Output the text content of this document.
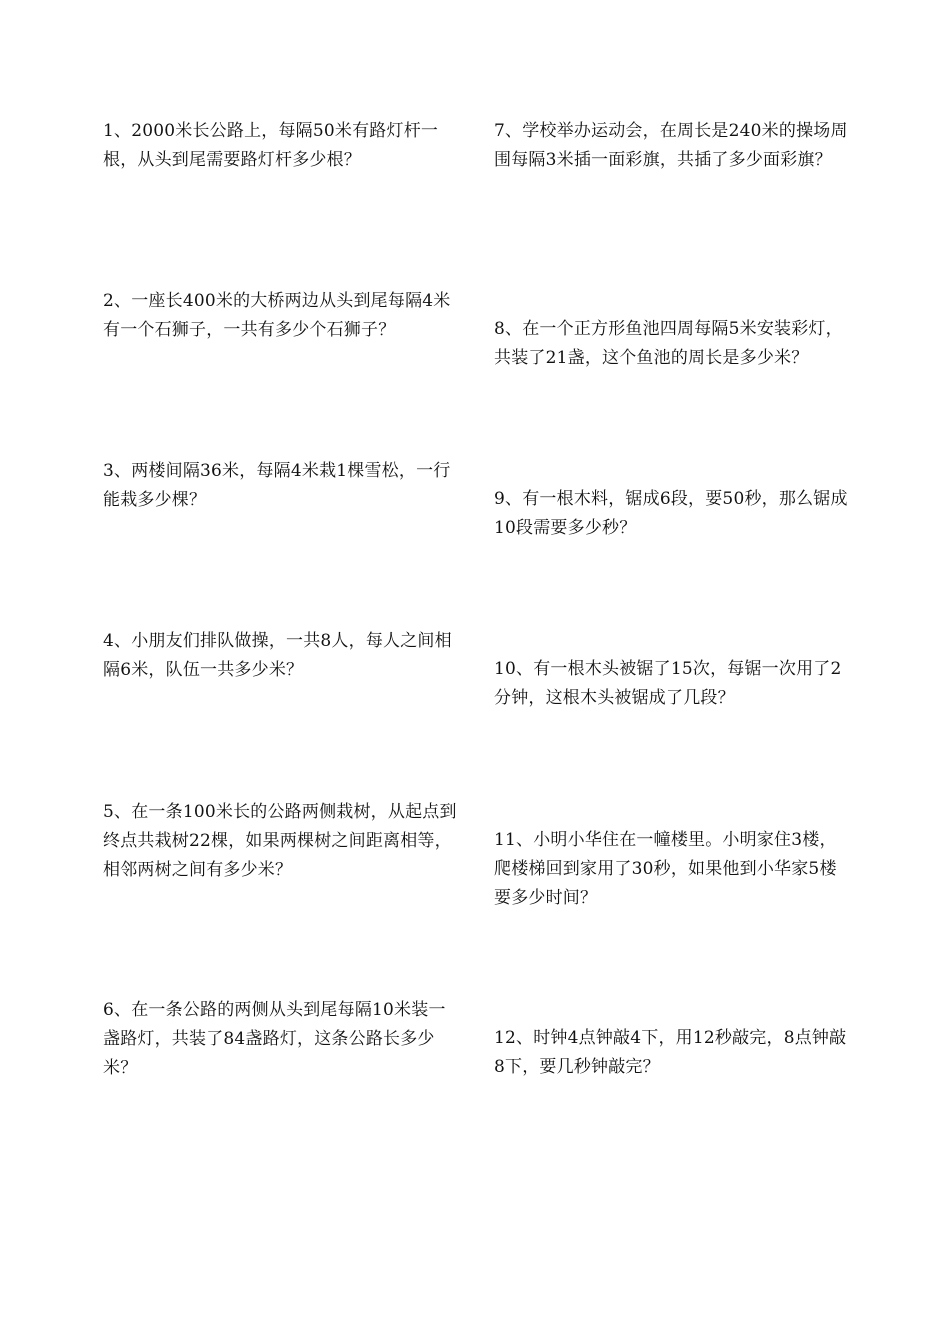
1、2000米长公路上，每隔50米有路灯杆一根，从头到尾需要路灯杆多少根？

2、一座长400米的大桥两边从头到尾每隔4米有一个石狮子，一共有多少个石狮子？

3、两楼间隔36米，每隔4米栽1棵雪松，一行能栽多少棵？

4、小朋友们排队做操，一共8人，每人之间相隔6米，队伍一共多少米？

5、在一条100米长的公路两侧栽树，从起点到终点共栽树22棵，如果两棵树之间距离相等，相邻两树之间有多少米？

6、在一条公路的两侧从头到尾每隔10米装一盏路灯，共装了84盏路灯，这条公路长多少米？

7、学校举办运动会，在周长是240米的操场周围每隔3米插一面彩旗，共插了多少面彩旗？

8、在一个正方形鱼池四周每隔5米安装彩灯，共装了21盏，这个鱼池的周长是多少米？

9、有一根木料，锯成6段，要50秒，那么锯成10段需要多少秒？

10、有一根木头被锯了15次，每锯一次用了2分钟，这根木头被锯成了几段？

11、小明小华住在一幢楼里。小明家住3楼，爬楼梯回到家用了30秒，如果他到小华家5楼要多少时间？

12、时钟4点钟敲4下，用12秒敲完，8点钟敲8下，要几秒钟敲完？
